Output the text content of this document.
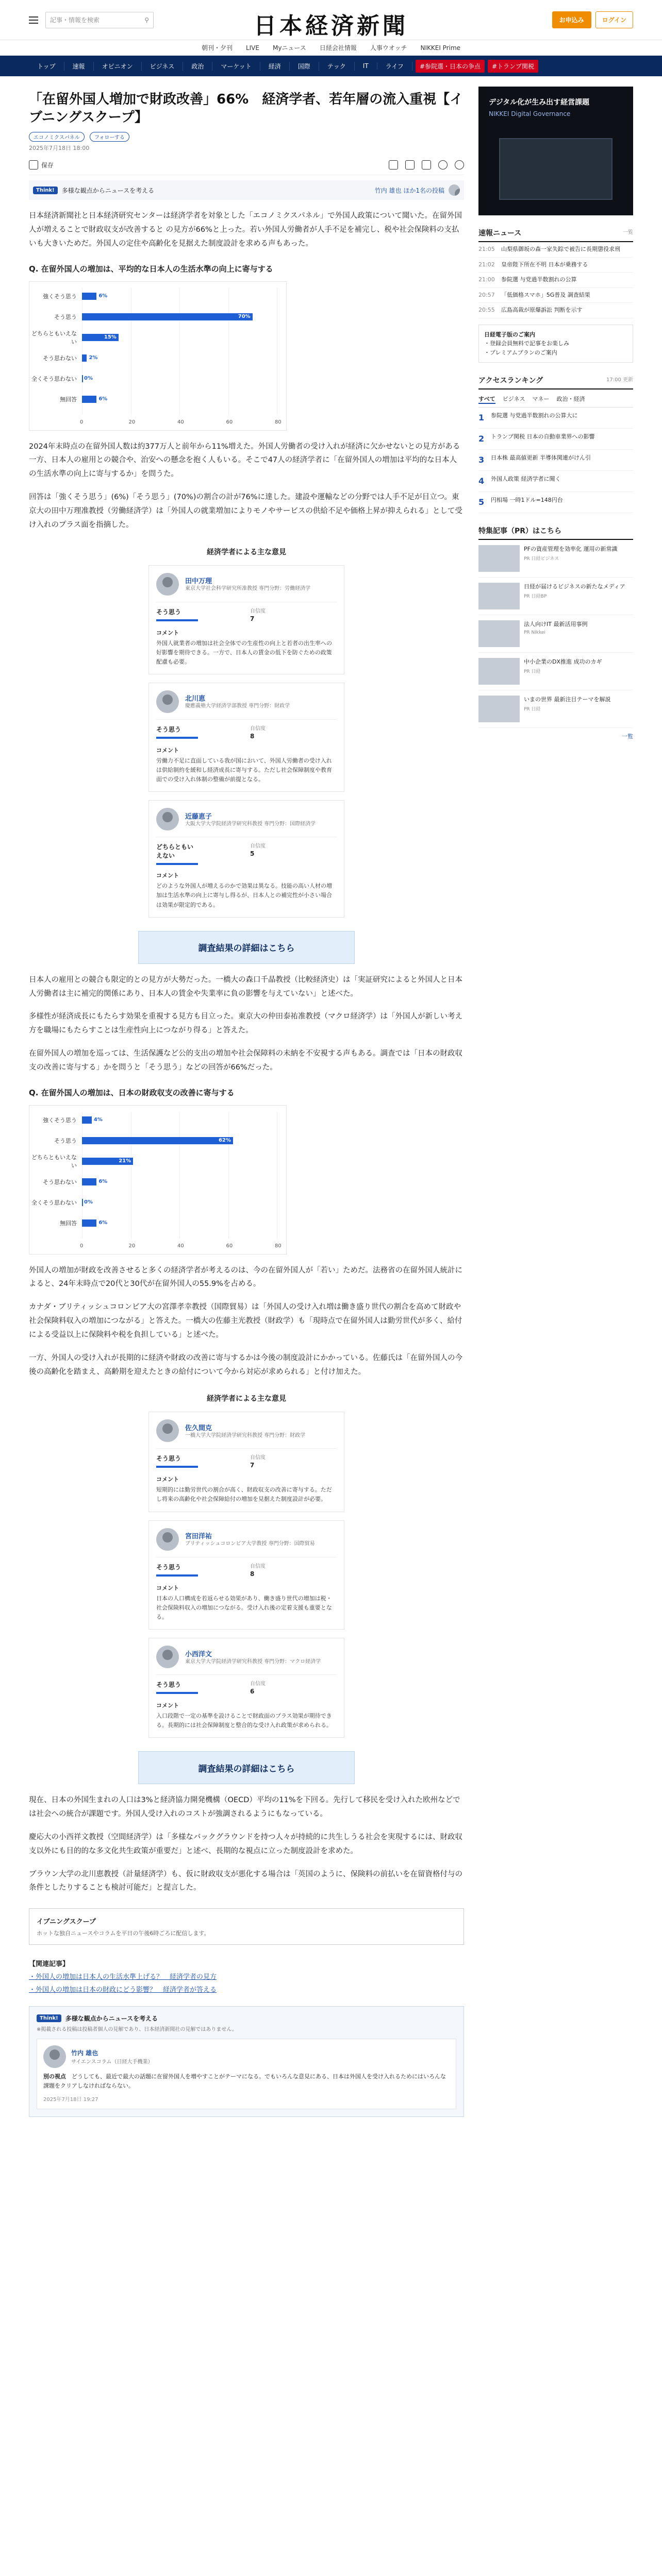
記事・情報を検索	⚲	日本経済新聞	お申込み	ログイン
朝刊・夕刊 LIVE Myニュース 日経会社情報 人事ウオッチ NIKKEI Prime
トップ	速報	オピニオン	ビジネス	政治	マーケット	経済	国際	テック	IT	ライフ	#参院選・日本の争点	#トランプ関税
「在留外国人増加で財政改善」66%　経済学者、若年層の流入重視【イブニングスクープ】
エコノミクスパネル	フォローする
2025年7月18日 18:00
保存
Think!	多様な観点からニュースを考える	竹内 雄也 ほか1名の投稿

日本経済新聞社と日本経済研究センターは経済学者を対象とした「エコノミクスパネル」で外国人政策について聞いた。在留外国人が増えることで財政収支が改善すると の見方が66%と上った。若い外国人労働者が人手不足を補完し、税や社会保険料の支払いも大きいためだ。外国人の定住や高齢化を見据えた制度設計を求める声もあった。

Q. 在留外国人の増加は、平均的な日本人の生活水準の向上に寄与する
0	20	40	60	80
強くそう思う	6%
そう思う	70%
どちらともいえない
15%
そう思わない	2%
全くそう思わない	0%
無回答	6%

2024年末時点の在留外国人数は約377万人と前年から11%増えた。外国人労働者の受け入れが経済に欠かせないとの見方がある一方、日本人の雇用との競合や、治安への懸念を抱く人もいる。そこで47人の経済学者に「在留外国人の増加は平均的な日本人の生活水準の向上に寄与するか」を問うた。

回答は「強くそう思う」(6%)「そう思う」(70%)の割合の計が76%に達した。建設や運輸などの分野では人手不足が目立つ。東京大の田中万理准教授（労働経済学）は「外国人の就業増加によりモノやサービスの供給不足や価格上昇が抑えられる」として受け入れのプラス面を指摘した。

経済学者による主な意見
田中万理
東京大学社会科学研究所准教授 専門分野：労働経済学
そう思う	自信度
7
コメント
外国人就業者の増加は社会全体での生産性の向上と若者の出生率への好影響を期待できる。一方で、日本人の賃金の低下を防ぐための政策配慮も必要。
北川恵
慶應義塾大学経済学部教授 専門分野：財政学
そう思う	自信度
8
コメント
労働力不足に直面している我が国において、外国人労働者の受け入れは供給制約を緩和し経済成長に寄与する。ただし社会保障制度や教育面での受け入れ体制の整備が前提となる。
近藤恵子
大阪大学大学院経済学研究科教授 専門分野：国際経済学
どちらともいえない
自信度
5
コメント
どのような外国人が増えるのかで効果は異なる。技能の高い人材の増加は生活水準の向上に寄与し得るが、日本人との補完性が小さい場合は効果が限定的である。
調査結果の詳細はこちら

日本人の雇用との競合も限定的との見方が大勢だった。一橋大の森口千晶教授（比較経済史）は「実証研究によると外国人と日本人労働者は主に補完的関係にあり、日本人の賃金や失業率に負の影響を与えていない」と述べた。

多様性が経済成長にもたらす効果を重視する見方も目立った。東京大の仲田泰祐准教授（マクロ経済学）は「外国人が新しい考え方を職場にもたらすことは生産性向上につながり得る」と答えた。

在留外国人の増加を巡っては、生活保護など公的支出の増加や社会保障料の未納を不安視する声もある。調査では「日本の財政収支の改善に寄与する」かを問うと「そう思う」などの回答が66%だった。

Q. 在留外国人の増加は、日本の財政収支の改善に寄与する
0	20	40	60	80
強くそう思う	4%
そう思う	62%
どちらともいえない
21%
そう思わない	6%
全くそう思わない	0%
無回答	6%

外国人の増加が財政を改善させると多くの経済学者が考えるのは、今の在留外国人が「若い」ためだ。法務省の在留外国人統計によると、24年末時点で20代と30代が在留外国人の55.9%を占める。

カナダ・ブリティッシュコロンビア大の宮澤孝幸教授（国際貿易）は「外国人の受け入れ増は働き盛り世代の割合を高めて財政や社会保険料収入の増加につながる」と答えた。一橋大の佐藤主光教授（財政学）も「現時点で在留外国人は勤労世代が多く、給付による受益以上に保険料や税を負担している」と述べた。

一方、外国人の受け入れが長期的に経済や財政の改善に寄与するかは今後の制度設計にかかっている。佐藤氏は「在留外国人の今後の高齢化を踏まえ、高齢期を迎えたときの給付について今から対応が求められる」と付け加えた。

経済学者による主な意見
佐久間克
一橋大学大学院経済学研究科教授 専門分野：財政学
そう思う	自信度
7
コメント
短期的には勤労世代の割合が高く、財政収支の改善に寄与する。ただし将来の高齢化や社会保障給付の増加を見据えた制度設計が必要。
宮田洋祐
ブリティッシュコロンビア大学教授 専門分野：国際貿易
そう思う	自信度
8
コメント
日本の人口構成を若返らせる効果があり、働き盛り世代の増加は税・社会保険料収入の増加につながる。受け入れ後の定着支援も重要となる。
小西洋文
東京大学大学院経済学研究科教授 専門分野：マクロ経済学
そう思う	自信度
6
コメント
入口段階で一定の基準を設けることで財政面のプラス効果が期待できる。長期的には社会保障制度と整合的な受け入れ政策が求められる。
調査結果の詳細はこちら

現在、日本の外国生まれの人口は3%と経済協力開発機構（OECD）平均の11%を下回る。先行して移民を受け入れた欧州などでは社会への統合が課題です。外国人受け入れのコストが強調されるようにもなっている。

慶応大の小西祥文教授（空間経済学）は「多様なバックグラウンドを持つ人々が持続的に共生しうる社会を実現するには、財政収支以外にも目的的な多文化共生政策が重要だ」と述べ、長期的な視点に立った制度設計を求めた。

ブラウン大学の北川恵教授（計量経済学）も、仮に財政収支が悪化する場合は「英国のように、保険料の前払いを在留資格付与の条件としたりすることも検討可能だ」と提言した。

イブニングスクープ
ホットな独自ニュースやコラムを平日の午後6時ごろに配信します。
【関連記事】
・外国人の増加は日本人の生活水準上げる？　経済学者の見方
・外国人の増加は日本の財政にどう影響？　経済学者が答える
Think!	多様な観点からニュースを考える
※掲載される投稿は投稿者個人の見解であり、日本経済新聞社の見解ではありません。
竹内 雄也
サイエンスコラム（日経大手機業）
別の視点　 どうしても、最近で最大の話題に在留外国人を増やすことがテーマになる。でもいろんな意見にある、日本は外国人を受け入れるためにはいろんな課題をクリアしなければならない。
2025年7月18日 19:27
デジタル化が生み出す経営課題
NIKKEI Digital Governance
速報ニュース	一覧
21:05	山梨県御坂の森一家失踪で被告に長期懲役求刑
21:02	皇帝陛下所在不明 日本が乗務する
21:00	参院選 与党過半数割れの公算
20:57	「低価格スマホ」5G普及 調査結果
20:55	広島高裁が原爆訴訟 判断を示す
日経電子版のご案内
・登録会員無料で記事をお楽しみ
・プレミアムプランのご案内
アクセスランキング	17:00 更新
すべて ビジネス マネー 政治・経済
1 参院選 与党過半数割れの公算大に
2 トランプ関税 日本の自動車業界への影響
3 日本株 最高値更新 半導体関連がけん引
4 外国人政策 経済学者に聞く
5 円相場 一時1ドル=148円台
特集記事（PR）はこちら
PFの資産管理を効率化 運用の新常識
PR 日経ビジネス
日経が届けるビジネスの新たなメディア
PR 日経BP
法人向けIT 最新活用事例
PR Nikkei
中小企業のDX推進 成功のカギ
PR 日経
いまの世界 最新注目テーマを解説
PR 日経
一覧
